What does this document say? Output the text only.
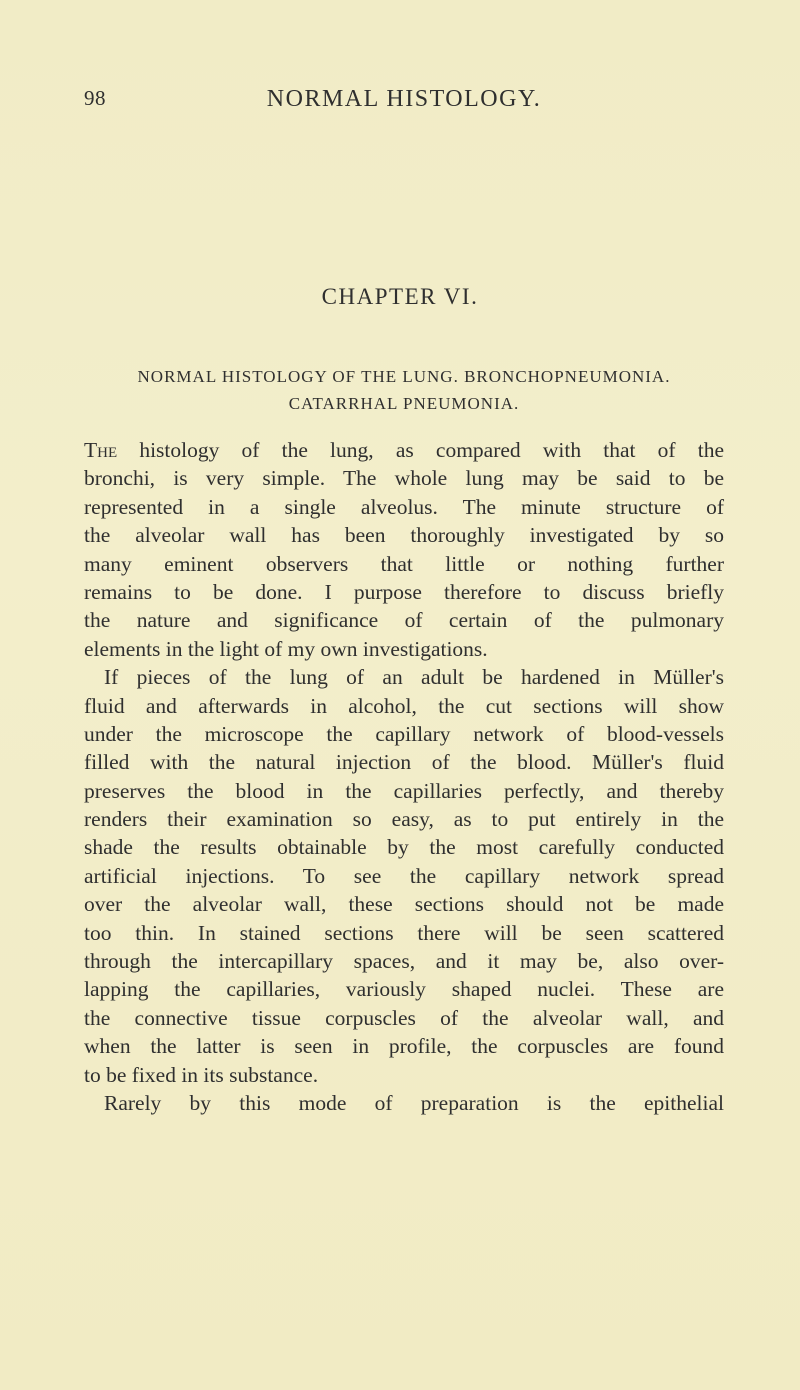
98	NORMAL HISTOLOGY.
CHAPTER VI.
NORMAL HISTOLOGY OF THE LUNG. BRONCHOPNEUMONIA.
CATARRHAL PNEUMONIA.
The histology of the lung, as compared with that of the
bronchi, is very simple. The whole lung may be said to be
represented in a single alveolus. The minute structure of
the alveolar wall has been thoroughly investigated by so
many eminent observers that little or nothing further
remains to be done. I purpose therefore to discuss briefly
the nature and significance of certain of the pulmonary
elements in the light of my own investigations.
If pieces of the lung of an adult be hardened in Müller's
fluid and afterwards in alcohol, the cut sections will show
under the microscope the capillary network of blood-vessels
filled with the natural injection of the blood. Müller's fluid
preserves the blood in the capillaries perfectly, and thereby
renders their examination so easy, as to put entirely in the
shade the results obtainable by the most carefully conducted
artificial injections. To see the capillary network spread
over the alveolar wall, these sections should not be made
too thin. In stained sections there will be seen scattered
through the intercapillary spaces, and it may be, also over-
lapping the capillaries, variously shaped nuclei. These are
the connective tissue corpuscles of the alveolar wall, and
when the latter is seen in profile, the corpuscles are found
to be fixed in its substance.
Rarely by this mode of preparation is the epithelial
